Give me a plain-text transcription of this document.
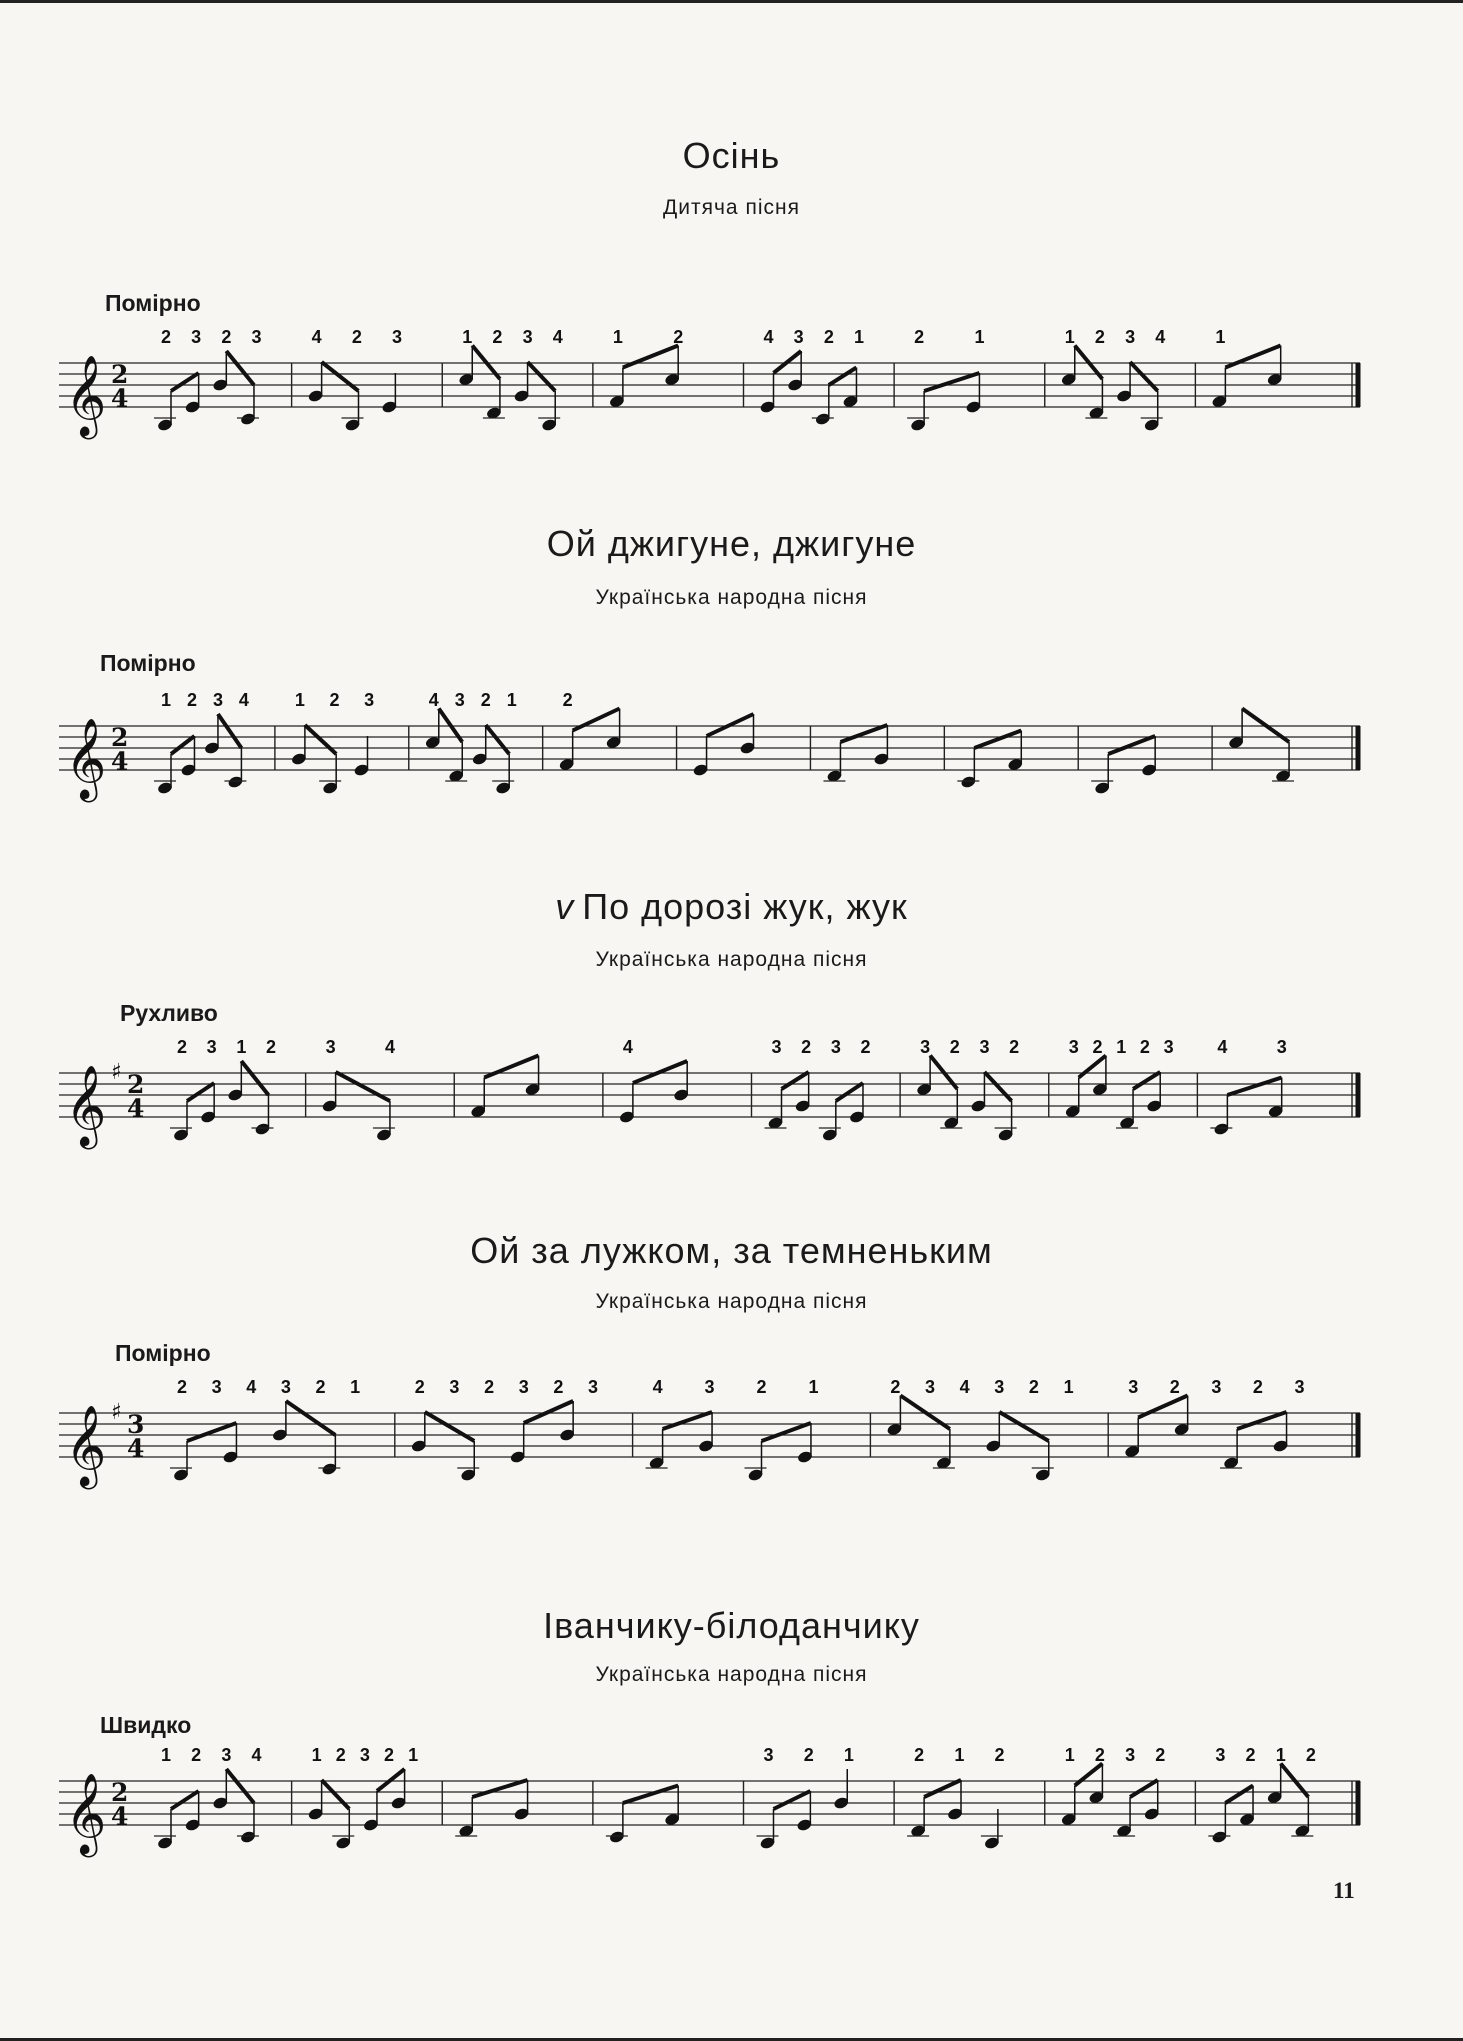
Осінь
Дитяча пісня
Помірно
𝄞 2
4
2 3 2 3	4 2 3	1 2 3 4	1	2	4 3 2 1	2	1	1 2 3 4	1
Ой джигуне, джигуне
Українська народна пісня
Помірно
𝄞 2
4
1 2 3 4	1 2 3	4 3 2 1	2
v По дорозі жук, жук
Українська народна пісня
Рухливо
𝄞 ♯ 2
4
2 3 1 2	3	4	4	3 2 3 2	3 2 3 2	3 2 1 2 3 4	3
Ой за лужком, за темненьким
Українська народна пісня
Помірно
𝄞 ♯ 3
4
2 3 4 3 2 1	2 3 2 3 2 3	4 3 2 1	2 3 4 3 2 1	3 2 3 2 3
Іванчику-білоданчику
Українська народна пісня
Швидко
𝄞 2
4
1 2 3 4	1 2 3 2 1	3 2 1	2 1 2	1 2 3 2	3 2 1 2
11
